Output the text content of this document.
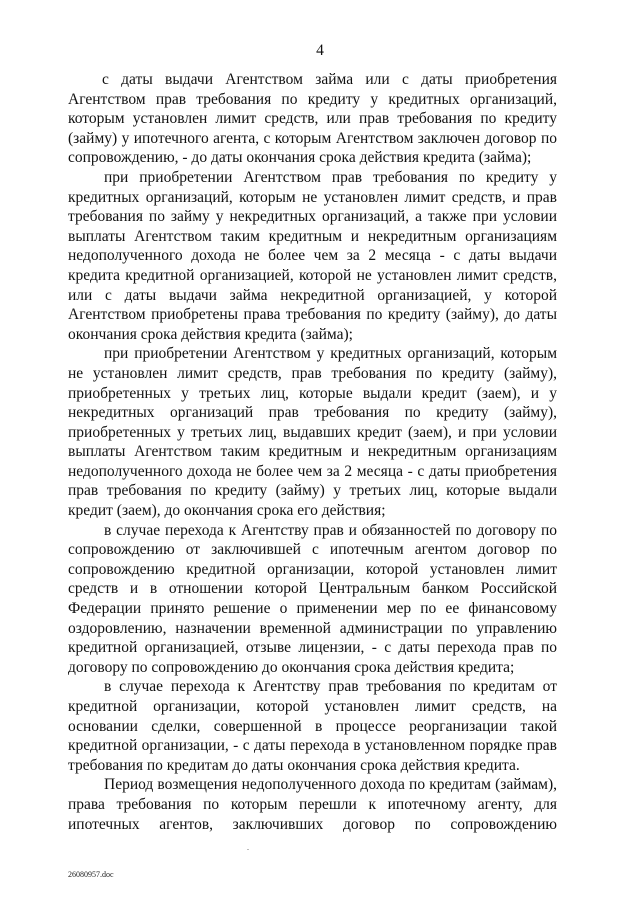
4

с даты выдачи Агентством займа или с даты приобретения Агентством прав требования по кредиту у кредитных организаций, которым установлен лимит средств, или прав требования по кредиту (займу) у ипотечного агента, с которым Агентством заключен договор по сопровождению, - до даты окончания срока действия кредита (займа);

при приобретении Агентством прав требования по кредиту у кредитных организаций, которым не установлен лимит средств, и прав требования по займу у некредитных организаций, а также при условии выплаты Агентством таким кредитным и некредитным организациям недополученного дохода не более чем за 2 месяца - с даты выдачи кредита кредитной организацией, которой не установлен лимит средств, или с даты выдачи займа некредитной организацией, у которой Агентством приобретены права требования по кредиту (займу), до даты окончания срока действия кредита (займа);

при приобретении Агентством у кредитных организаций, которым не установлен лимит средств, прав требования по кредиту (займу), приобретенных у третьих лиц, которые выдали кредит (заем), и у некредитных организаций прав требования по кредиту (займу), приобретенных у третьих лиц, выдавших кредит (заем), и при условии выплаты Агентством таким кредитным и некредитным организациям недополученного дохода не более чем за 2 месяца - с даты приобретения прав требования по кредиту (займу) у третьих лиц, которые выдали кредит (заем), до окончания срока его действия;

в случае перехода к Агентству прав и обязанностей по договору по сопровождению от заключившей с ипотечным агентом договор по сопровождению кредитной организации, которой установлен лимит средств и в отношении которой Центральным банком Российской Федерации принято решение о применении мер по ее финансовому оздоровлению, назначении временной администрации по управлению кредитной организацией, отзыве лицензии, - с даты перехода прав по договору по сопровождению до окончания срока действия кредита;

в случае перехода к Агентству прав требования по кредитам от кредитной организации, которой установлен лимит средств, на основании сделки, совершенной в процессе реорганизации такой кредитной организации, - с даты перехода в установленном порядке прав требования по кредитам до даты окончания срока действия кредита.

Период возмещения недополученного дохода по кредитам (займам), права требования по которым перешли к ипотечному агенту, для ипотечных агентов, заключивших договор по сопровождению

26080957.doc
